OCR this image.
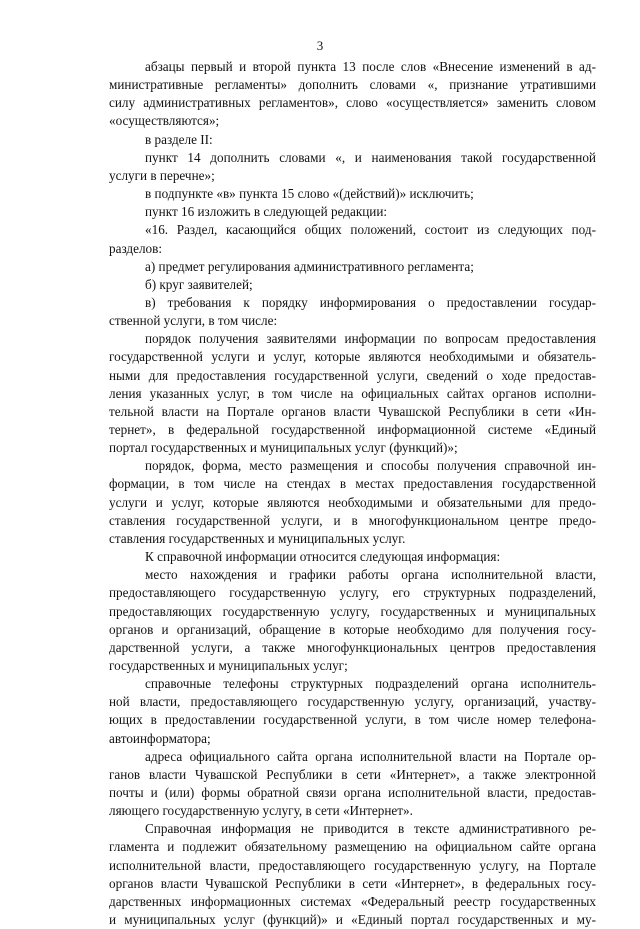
3
абзацы первый и второй пункта 13 после слов «Внесение изменений в ад-
министративные регламенты» дополнить словами «, признание утратившими
силу административных регламентов», слово «осуществляется» заменить словом
«осуществляются»;
в разделе II:
пункт 14 дополнить словами «, и наименования такой государственной
услуги в перечне»;
в подпункте «в» пункта 15 слово «(действий)» исключить;
пункт 16 изложить в следующей редакции:
«16. Раздел, касающийся общих положений, состоит из следующих под-
разделов:
а) предмет регулирования административного регламента;
б) круг заявителей;
в) требования к порядку информирования о предоставлении государ-
ственной услуги, в том числе:
порядок получения заявителями информации по вопросам предоставления
государственной услуги и услуг, которые являются необходимыми и обязатель-
ными для предоставления государственной услуги, сведений о ходе предостав-
ления указанных услуг, в том числе на официальных сайтах органов исполни-
тельной власти на Портале органов власти Чувашской Республики в сети «Ин-
тернет», в федеральной государственной информационной системе «Единый
портал государственных и муниципальных услуг (функций)»;
порядок, форма, место размещения и способы получения справочной ин-
формации, в том числе на стендах в местах предоставления государственной
услуги и услуг, которые являются необходимыми и обязательными для предо-
ставления государственной услуги, и в многофункциональном центре предо-
ставления государственных и муниципальных услуг.
К справочной информации относится следующая информация:
место нахождения и графики работы органа исполнительной власти,
предоставляющего государственную услугу, его структурных подразделений,
предоставляющих государственную услугу, государственных и муниципальных
органов и организаций, обращение в которые необходимо для получения госу-
дарственной услуги, а также многофункциональных центров предоставления
государственных и муниципальных услуг;
справочные телефоны структурных подразделений органа исполнитель-
ной власти, предоставляющего государственную услугу, организаций, участву-
ющих в предоставлении государственной услуги, в том числе номер телефона-
автоинформатора;
адреса официального сайта органа исполнительной власти на Портале ор-
ганов власти Чувашской Республики в сети «Интернет», а также электронной
почты и (или) формы обратной связи органа исполнительной власти, предостав-
ляющего государственную услугу, в сети «Интернет».
Справочная информация не приводится в тексте административного ре-
гламента и подлежит обязательному размещению на официальном сайте органа
исполнительной власти, предоставляющего государственную услугу, на Портале
органов власти Чувашской Республики в сети «Интернет», в федеральных госу-
дарственных информационных системах «Федеральный реестр государственных
и муниципальных услуг (функций)» и «Единый портал государственных и му-
